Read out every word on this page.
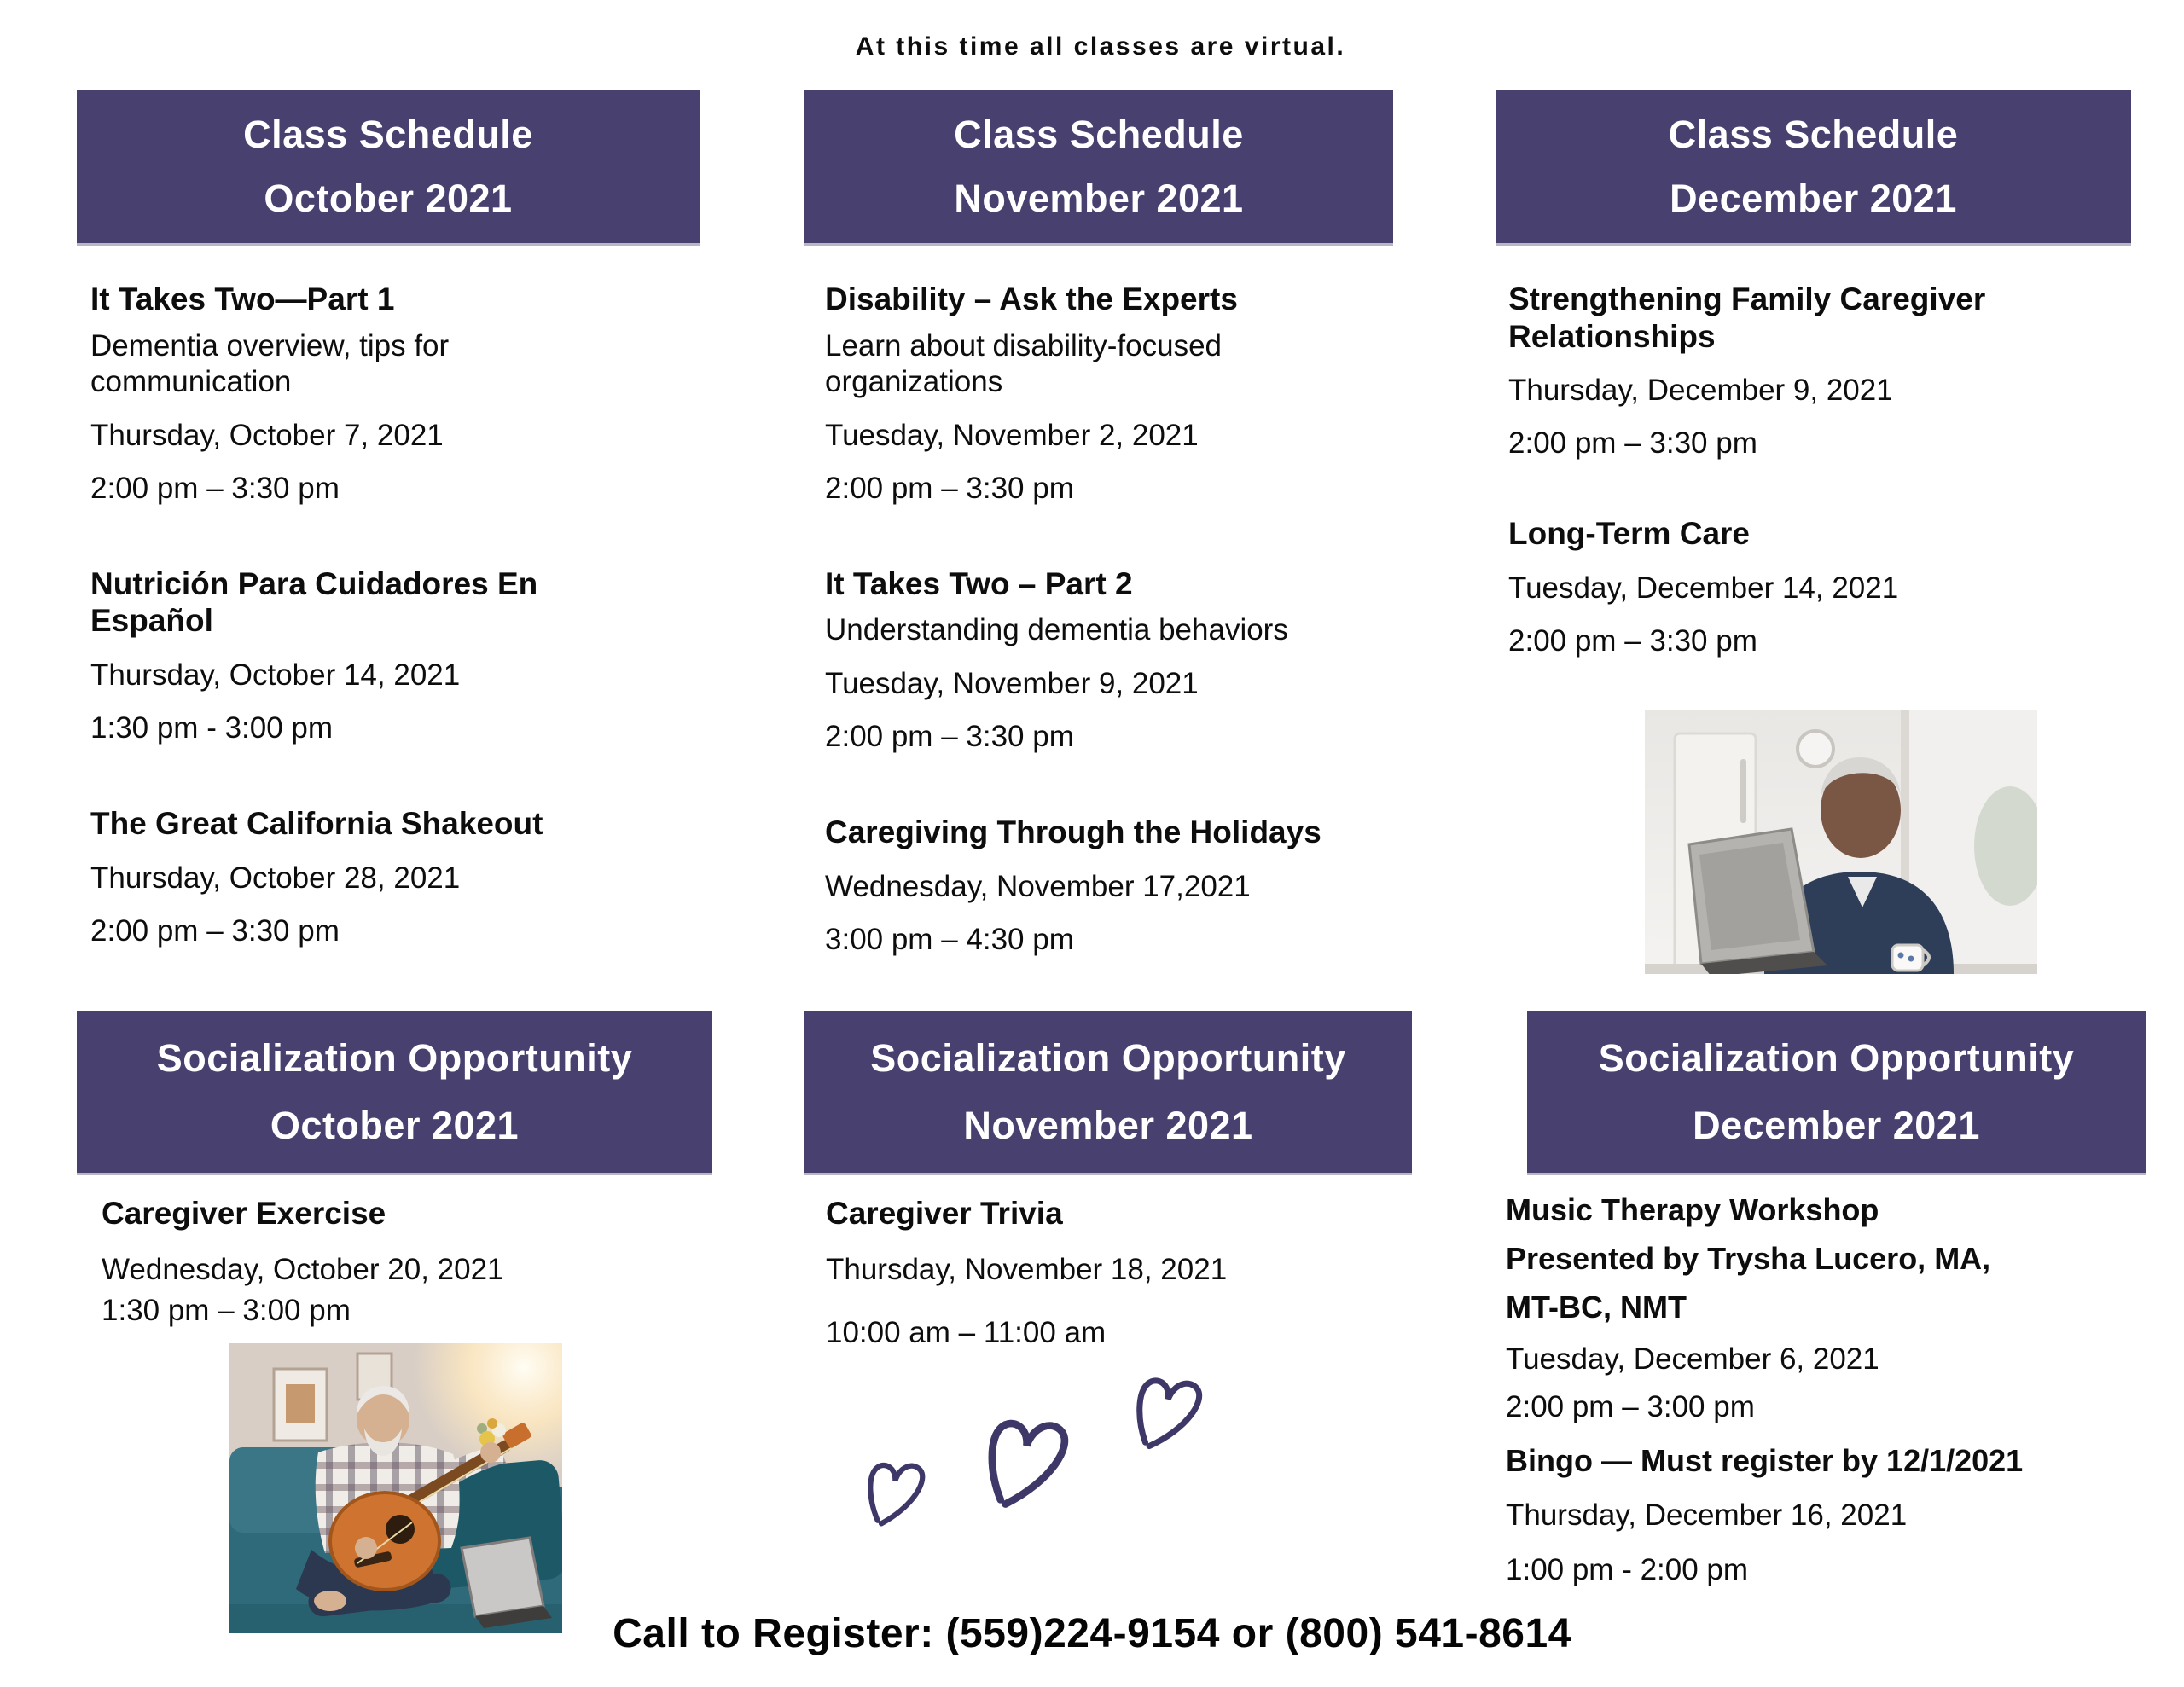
At this time all classes are virtual.
Class Schedule
October 2021
It Takes Two—Part 1

Dementia overview, tips for communication

Thursday, October 7, 2021

2:00 pm – 3:30 pm

Nutrición Para Cuidadores En Español

Thursday, October 14, 2021

1:30 pm - 3:00 pm

The Great California Shakeout

Thursday, October 28, 2021

2:00 pm – 3:30 pm

Class Schedule
November 2021
Disability – Ask the Experts

Learn about disability-focused organizations

Tuesday, November 2, 2021

2:00 pm – 3:30 pm

It Takes Two – Part 2

Understanding dementia behaviors

Tuesday, November 9, 2021

2:00 pm – 3:30 pm

Caregiving Through the Holidays

Wednesday, November 17,2021

3:00 pm – 4:30 pm

Class Schedule
December 2021
Strengthening Family Caregiver Relationships

Thursday, December 9, 2021

2:00 pm – 3:30 pm

Long-Term Care

Tuesday, December 14, 2021

2:00 pm – 3:30 pm

Socialization Opportunity
October 2021
Caregiver Exercise

Wednesday, October 20, 2021

1:30 pm – 3:00 pm

Socialization Opportunity
November 2021
Caregiver Trivia

Thursday, November 18, 2021

10:00 am – 11:00 am

Socialization Opportunity
December 2021
Music Therapy Workshop
Presented by Trysha Lucero, MA,
MT-BC, NMT

Tuesday, December 6, 2021

2:00 pm – 3:00 pm

Bingo — Must register by 12/1/2021

Thursday, December 16, 2021

1:00 pm - 2:00 pm

Call to Register: (559)224-9154 or (800) 541-8614
